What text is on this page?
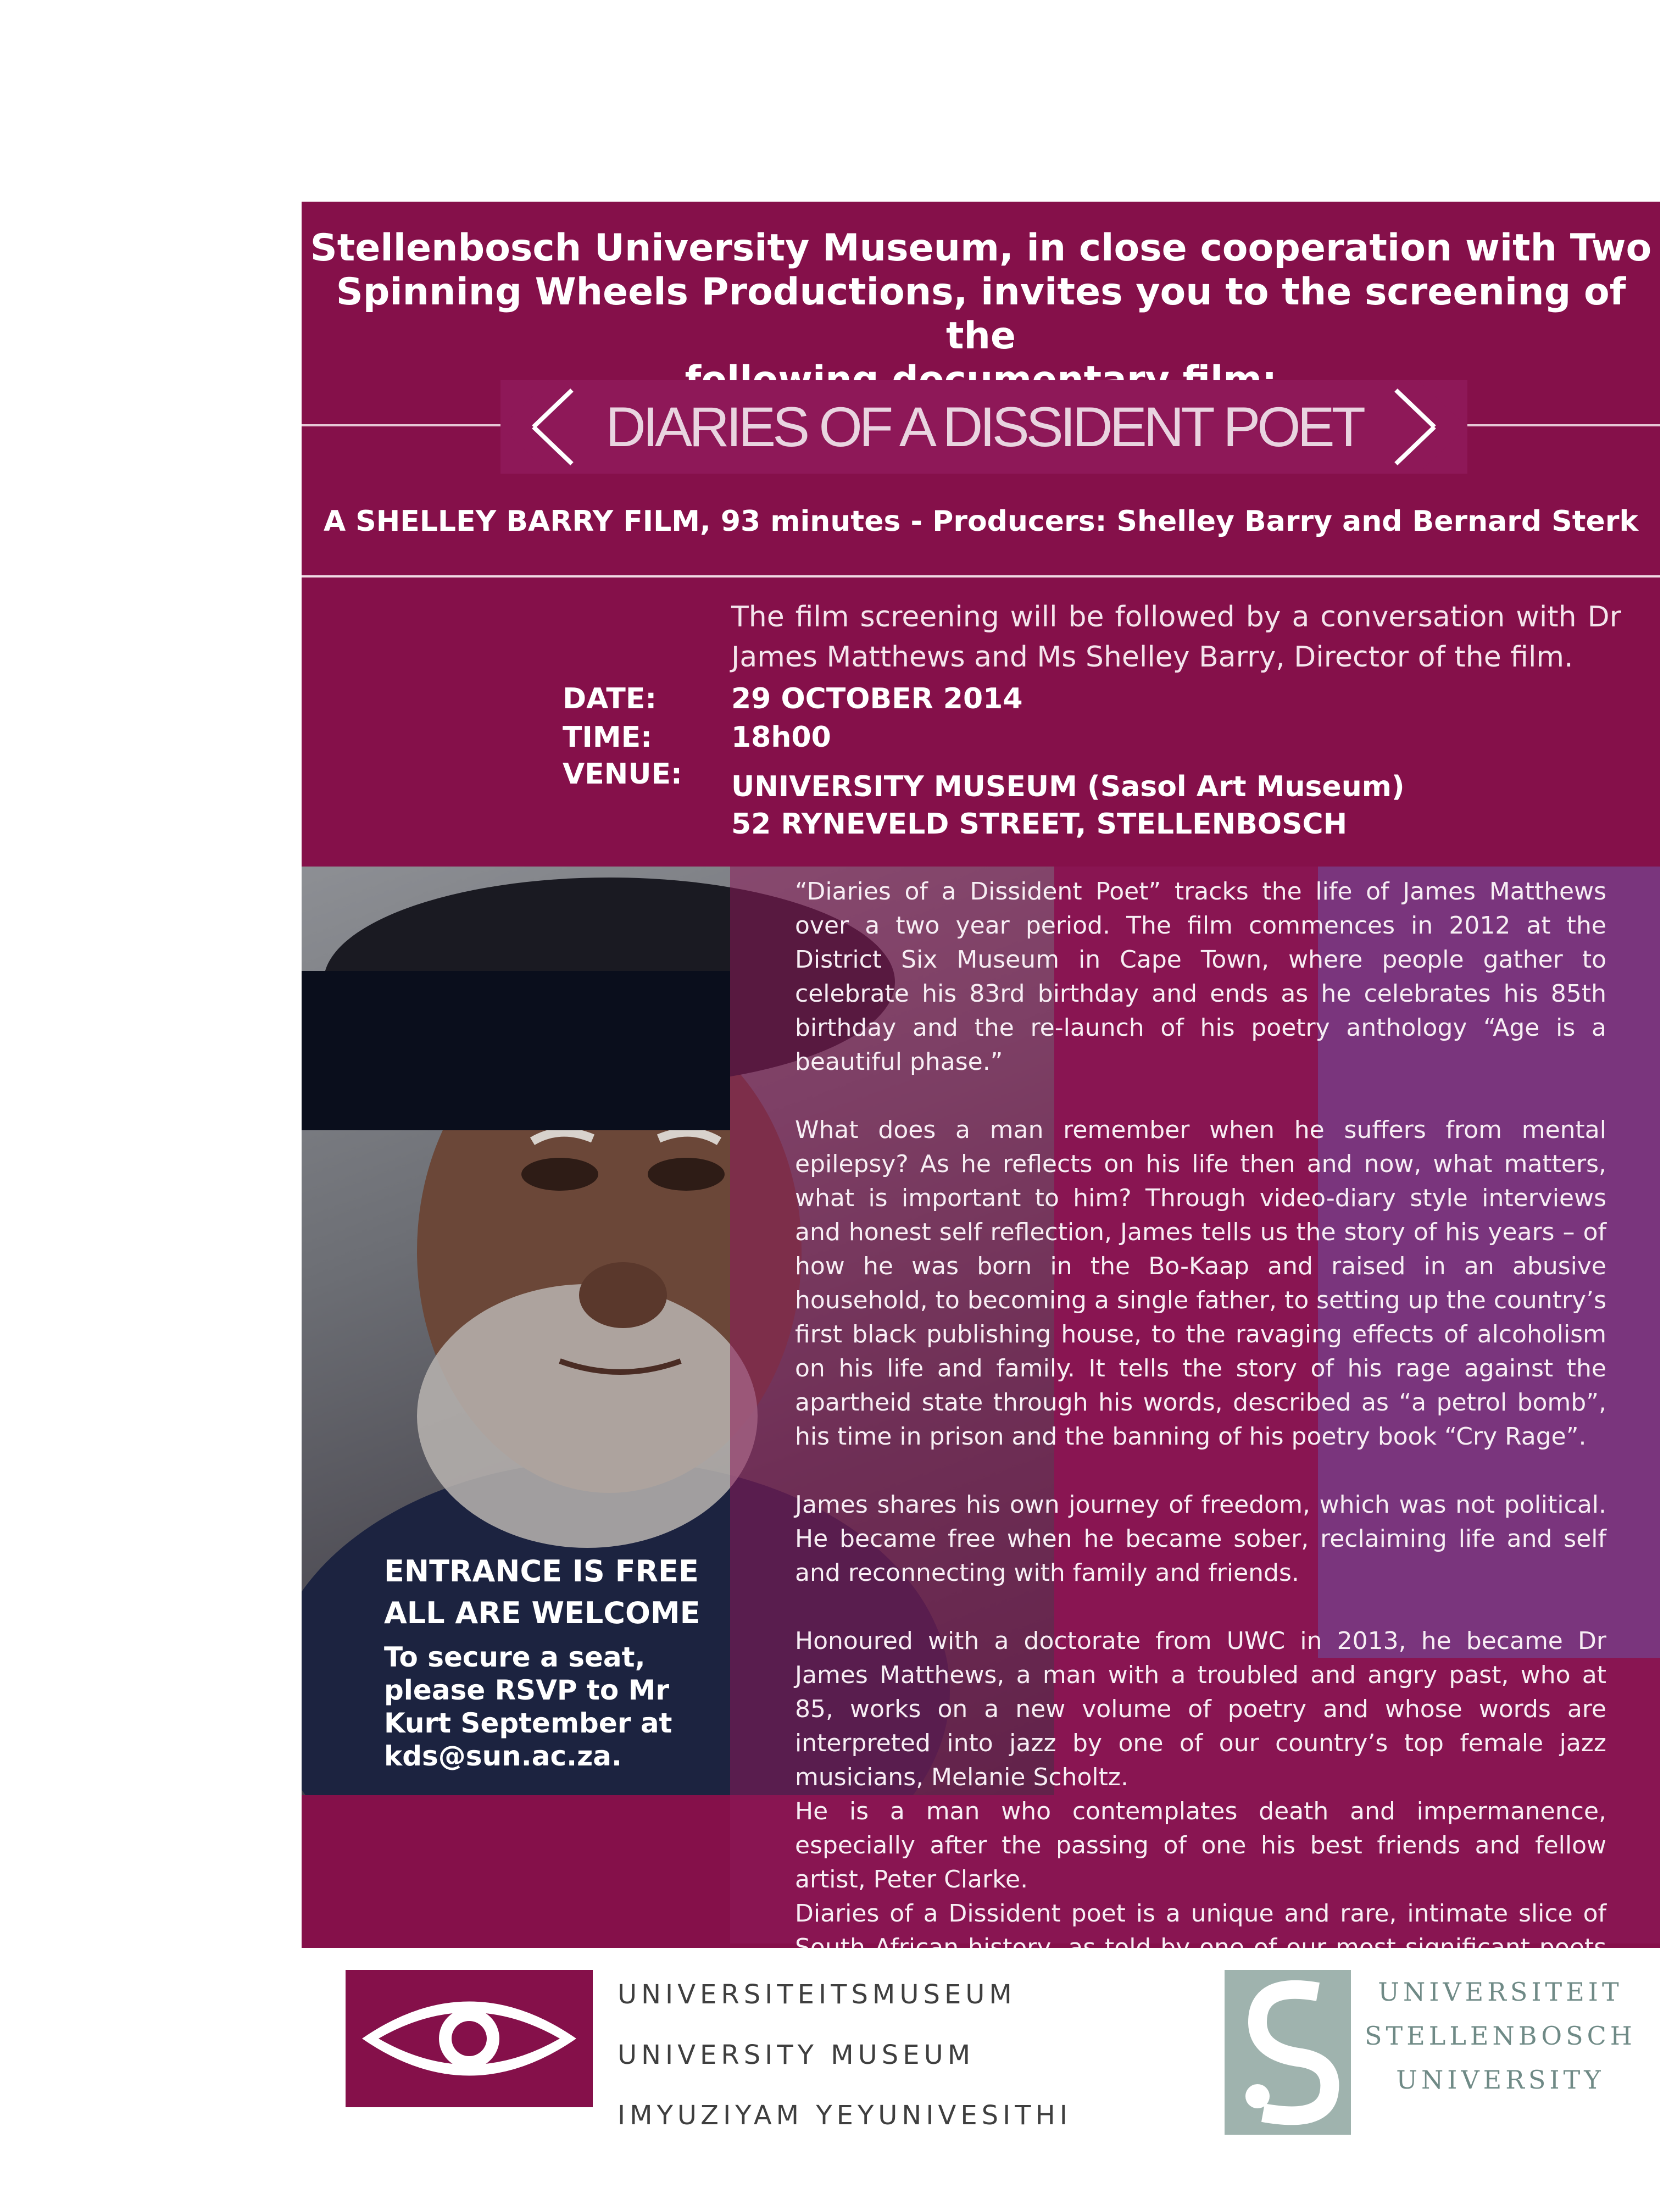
Stellenbosch University Museum, in close cooperation with Two
Spinning Wheels Productions, invites you to the screening of the
DIARIES OF A DISSIDENT POET
A SHELLEY BARRY FILM, 93 minutes - Producers: Shelley Barry and Bernard Sterk
The film screening will be followed by a conversation with Dr James Matthews and Ms Shelley Barry, Director of the film.
DATE:	29 OCTOBER 2014
TIME:	18h00
VENUE:	UNIVERSITY MUSEUM (Sasol Art Museum)
52 RYNEVELD STREET, STELLENBOSCH

“Diaries of a Dissident Poet” tracks the life of James Matthews over a two year period. The film commences in 2012 at the District Six Museum in Cape Town, where people gather to celebrate his 83rd birthday and ends as he celebrates his 85th birthday and the re-launch of his poetry anthology “Age is a beautiful phase.”

What does a man remember when he suffers from mental epilepsy? As he reflects on his life then and now, what matters, what is important to him? Through video-diary style interviews and honest self reflection, James tells us the story of his years – of how he was born in the Bo-Kaap and raised in an abusive household, to becoming a single father, to setting up the country’s first black publishing house, to the ravaging effects of alcoholism on his life and family. It tells the story of his rage against the apartheid state through his words, described as “a petrol bomb”, his time in prison and the banning of his poetry book “Cry Rage”.

James shares his own journey of freedom, which was not political. He became free when he became sober, reclaiming life and self and reconnecting with family and friends.

Honoured with a doctorate from UWC in 2013, he became Dr James Matthews, a man with a troubled and angry past, who at 85, works on a new volume of poetry and whose words are interpreted into jazz by one of our country’s top female jazz musicians, Melanie Scholtz.

He is a man who contemplates death and impermanence, especially after the passing of one his best friends and fellow artist, Peter Clarke.

Diaries of a Dissident poet is a unique and rare, intimate slice of

ENTRANCE IS FREE
ALL ARE WELCOME
To secure a seat, please RSVP to Mr Kurt September at kds@sun.ac.za.
UNIVERSITEITSMUSEUM
UNIVERSITY MUSEUM
IMYUZIYAM YEYUNIVESITHI
UNIVERSITEIT
STELLENBOSCH
UNIVERSITY
